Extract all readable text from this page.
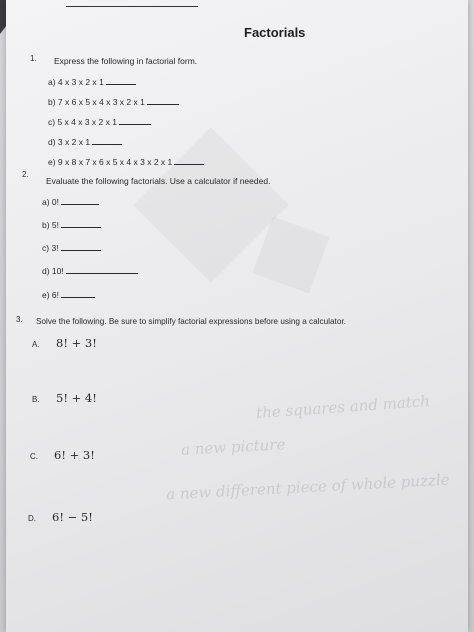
the squares and match
a new picture
a new different piece of whole puzzle
Factorials
1. Express the following in factorial form.
a) 4 x 3 x 2 x 1
b) 7 x 6 x 5 x 4 x 3 x 2 x 1
c) 5 x 4 x 3 x 2 x 1
d) 3 x 2 x 1
e) 9 x 8 x 7 x 6 x 5 x 4 x 3 x 2 x 1
2.
Evaluate the following factorials. Use a calculator if needed.
a) 0!
b) 5!
c) 3!
d) 10!
e) 6!
3. Solve the following. Be sure to simplify factorial expressions before using a calculator.
A. 8! + 3!
B. 5! + 4!
C. 6! + 3!
D. 6! − 5!
